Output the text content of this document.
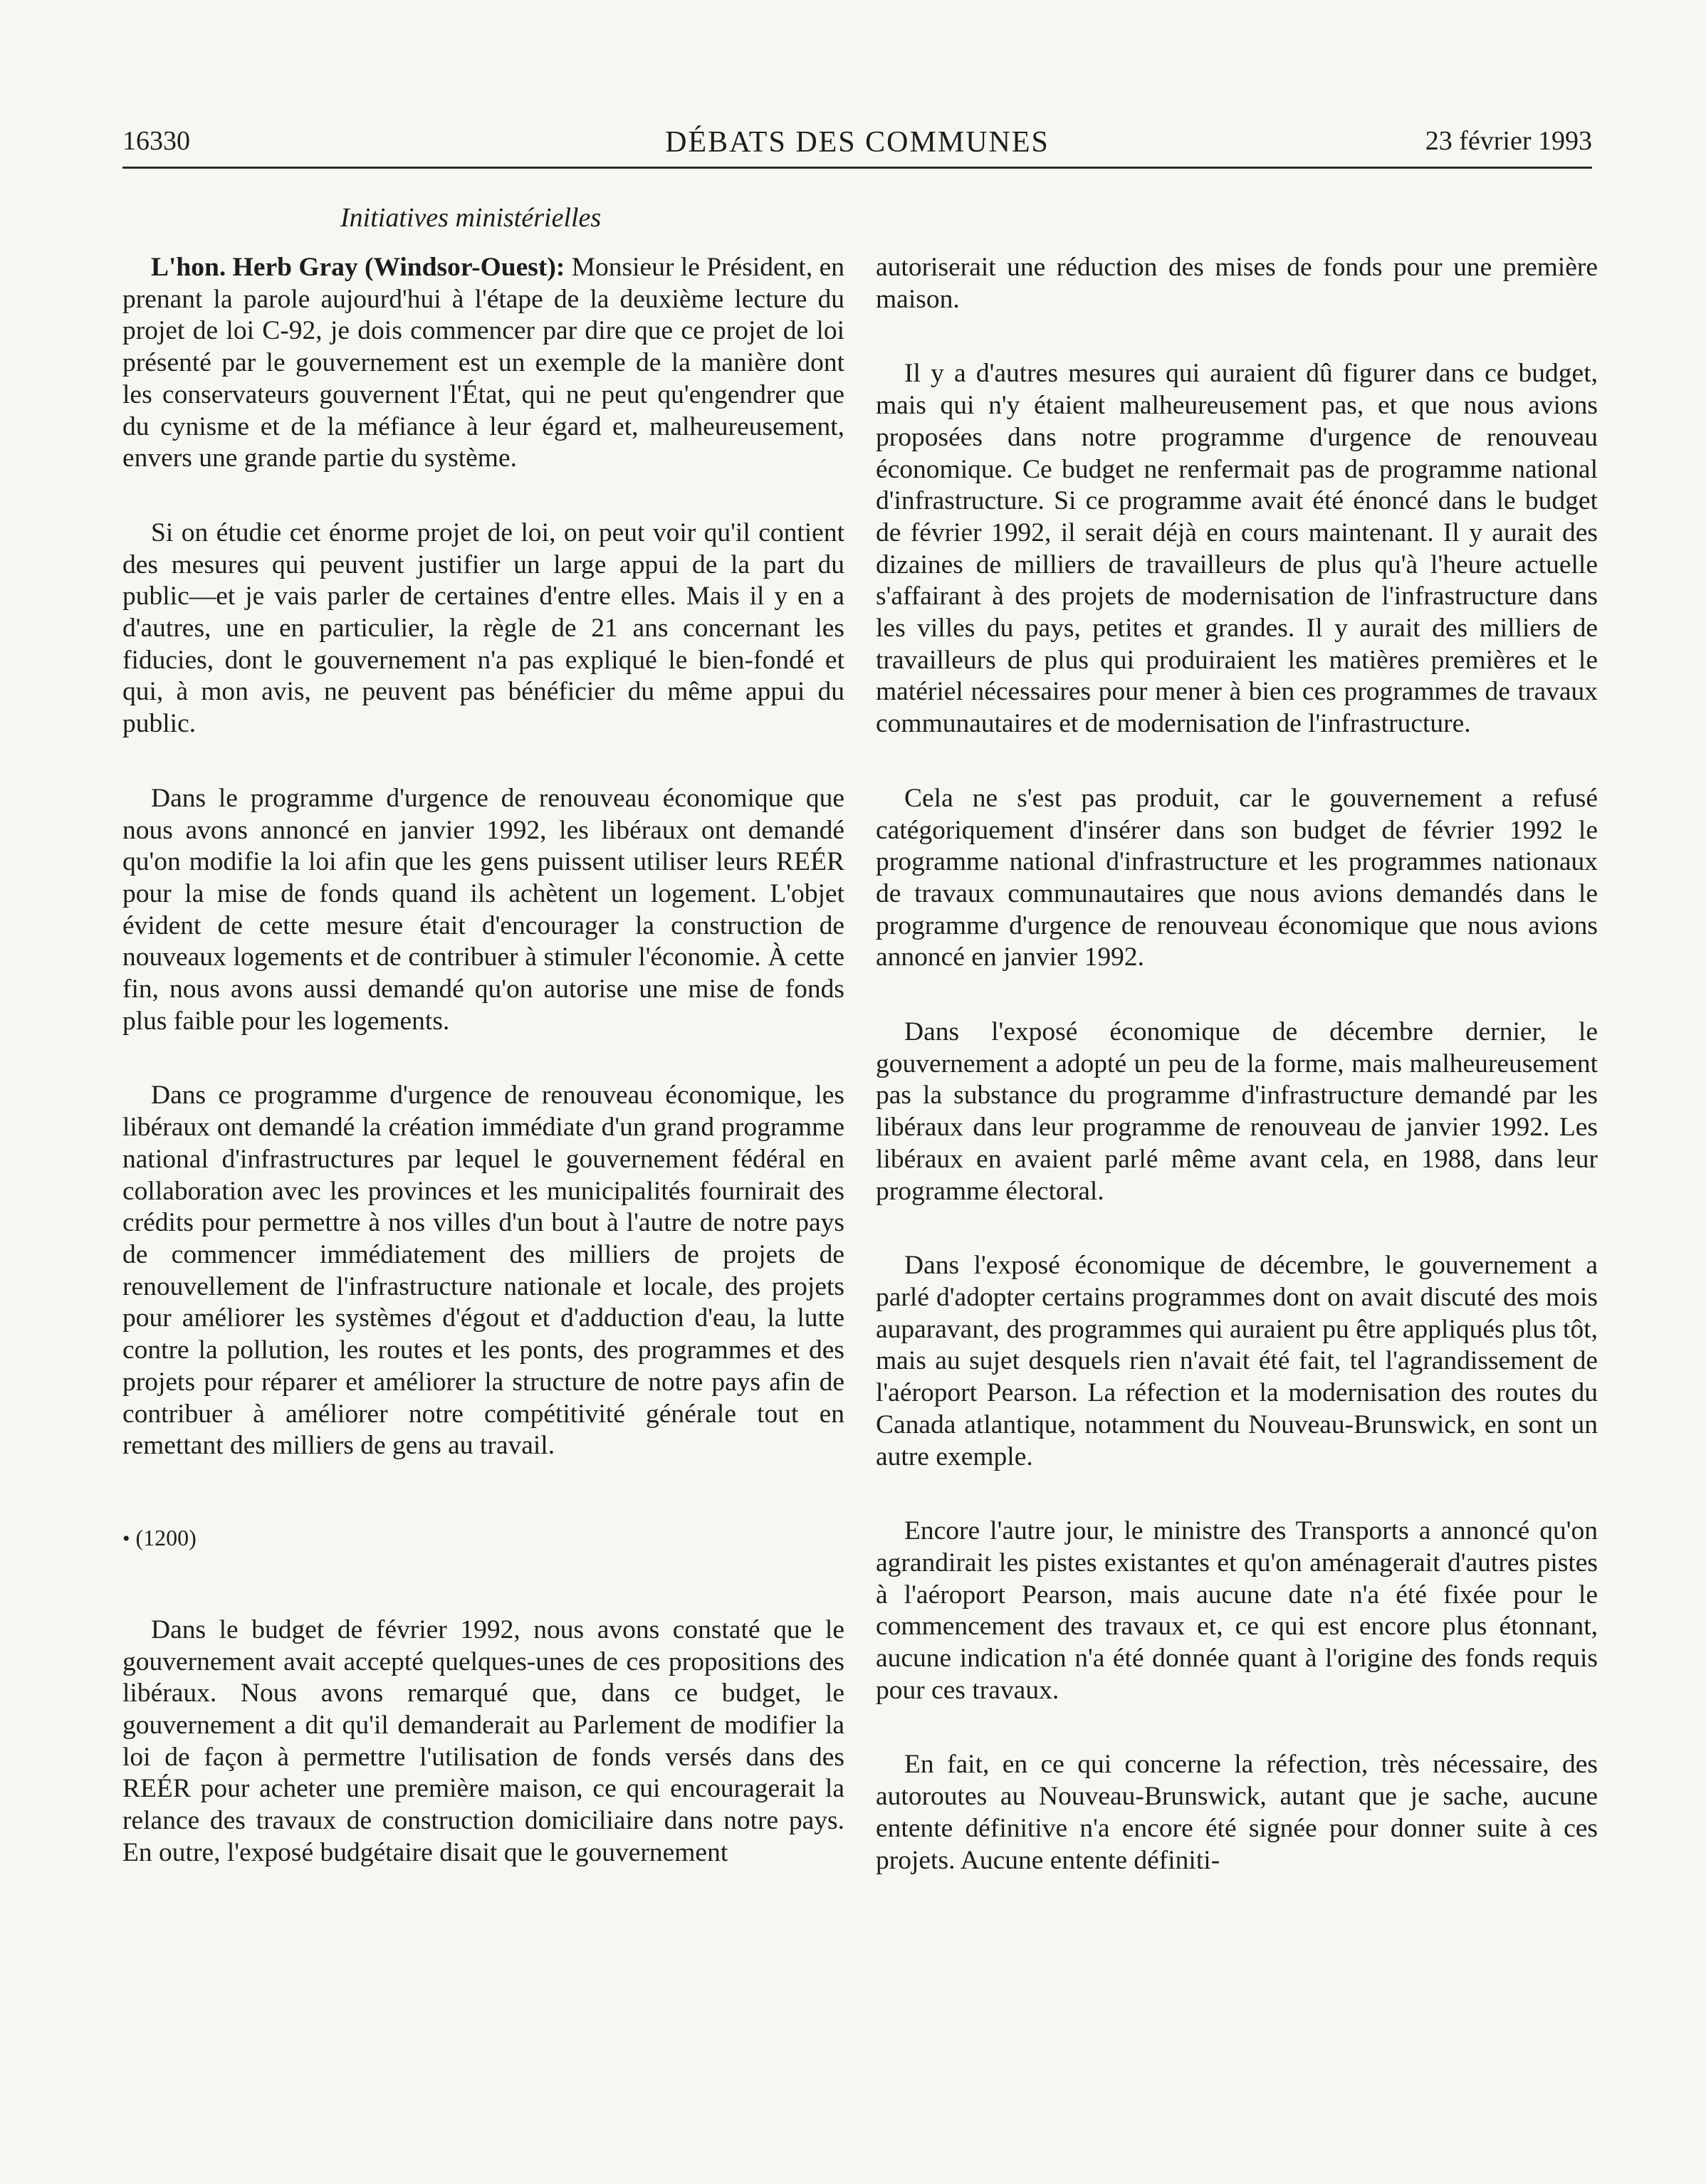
16330	DÉBATS DES COMMUNES	23 février 1993
Initiatives ministérielles

L'hon. Herb Gray (Windsor-Ouest): Monsieur le Président, en prenant la parole aujourd'hui à l'étape de la deuxième lecture du projet de loi C-92, je dois commencer par dire que ce projet de loi présenté par le gouvernement est un exemple de la manière dont les conservateurs gouvernent l'État, qui ne peut qu'engendrer que du cynisme et de la méfiance à leur égard et, malheureusement, envers une grande partie du système.

Si on étudie cet énorme projet de loi, on peut voir qu'il contient des mesures qui peuvent justifier un large appui de la part du public—et je vais parler de certaines d'entre elles. Mais il y en a d'autres, une en particulier, la règle de 21 ans concernant les fiducies, dont le gouvernement n'a pas expliqué le bien-fondé et qui, à mon avis, ne peuvent pas bénéficier du même appui du public.

Dans le programme d'urgence de renouveau économique que nous avons annoncé en janvier 1992, les libéraux ont demandé qu'on modifie la loi afin que les gens puissent utiliser leurs REÉR pour la mise de fonds quand ils achètent un logement. L'objet évident de cette mesure était d'encourager la construction de nouveaux logements et de contribuer à stimuler l'économie. À cette fin, nous avons aussi demandé qu'on autorise une mise de fonds plus faible pour les logements.

Dans ce programme d'urgence de renouveau économique, les libéraux ont demandé la création immédiate d'un grand programme national d'infrastructures par lequel le gouvernement fédéral en collaboration avec les provinces et les municipalités fournirait des crédits pour permettre à nos villes d'un bout à l'autre de notre pays de commencer immédiatement des milliers de projets de renouvellement de l'infrastructure nationale et locale, des projets pour améliorer les systèmes d'égout et d'adduction d'eau, la lutte contre la pollution, les routes et les ponts, des programmes et des projets pour réparer et améliorer la structure de notre pays afin de contribuer à améliorer notre compétitivité générale tout en remettant des milliers de gens au travail.

• (1200)

Dans le budget de février 1992, nous avons constaté que le gouvernement avait accepté quelques-unes de ces propositions des libéraux. Nous avons remarqué que, dans ce budget, le gouvernement a dit qu'il demanderait au Parlement de modifier la loi de façon à permettre l'utilisation de fonds versés dans des REÉR pour acheter une première maison, ce qui encouragerait la relance des travaux de construction domiciliaire dans notre pays. En outre, l'exposé budgétaire disait que le gouvernement

autoriserait une réduction des mises de fonds pour une première maison.

Il y a d'autres mesures qui auraient dû figurer dans ce budget, mais qui n'y étaient malheureusement pas, et que nous avions proposées dans notre programme d'urgence de renouveau économique. Ce budget ne renfermait pas de programme national d'infrastructure. Si ce programme avait été énoncé dans le budget de février 1992, il serait déjà en cours maintenant. Il y aurait des dizaines de milliers de travailleurs de plus qu'à l'heure actuelle s'affairant à des projets de modernisation de l'infrastructure dans les villes du pays, petites et grandes. Il y aurait des milliers de travailleurs de plus qui produiraient les matières premières et le matériel nécessaires pour mener à bien ces programmes de travaux communautaires et de modernisation de l'infrastructure.

Cela ne s'est pas produit, car le gouvernement a refusé catégoriquement d'insérer dans son budget de février 1992 le programme national d'infrastructure et les programmes nationaux de travaux communautaires que nous avions demandés dans le programme d'urgence de renouveau économique que nous avions annoncé en janvier 1992.

Dans l'exposé économique de décembre dernier, le gouvernement a adopté un peu de la forme, mais malheureusement pas la substance du programme d'infrastructure demandé par les libéraux dans leur programme de renouveau de janvier 1992. Les libéraux en avaient parlé même avant cela, en 1988, dans leur programme électoral.

Dans l'exposé économique de décembre, le gouvernement a parlé d'adopter certains programmes dont on avait discuté des mois auparavant, des programmes qui auraient pu être appliqués plus tôt, mais au sujet desquels rien n'avait été fait, tel l'agrandissement de l'aéroport Pearson. La réfection et la modernisation des routes du Canada atlantique, notamment du Nouveau-Brunswick, en sont un autre exemple.

Encore l'autre jour, le ministre des Transports a annoncé qu'on agrandirait les pistes existantes et qu'on aménagerait d'autres pistes à l'aéroport Pearson, mais aucune date n'a été fixée pour le commencement des travaux et, ce qui est encore plus étonnant, aucune indication n'a été donnée quant à l'origine des fonds requis pour ces travaux.

En fait, en ce qui concerne la réfection, très nécessaire, des autoroutes au Nouveau-Brunswick, autant que je sache, aucune entente définitive n'a encore été signée pour donner suite à ces projets. Aucune entente définiti-
